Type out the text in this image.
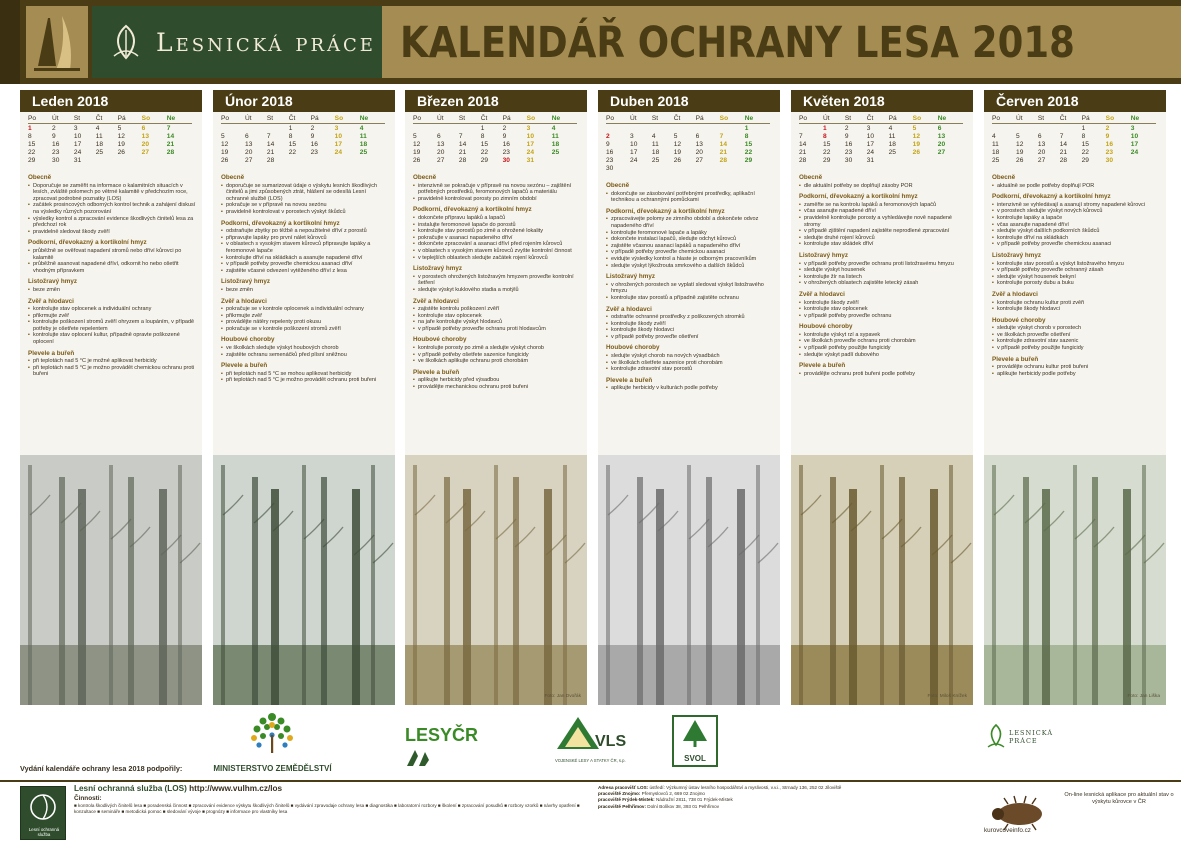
Lesnická práce KALENDÁŘ OCHRANY LESA 2018
Leden 2018
Po	Út	St	Čt	Pá	So	Ne
1	2	3	4	5	6	7
8	9	10	11	12	13	14
15	16	17	18	19	20	21
22	23	24	25	26	27	28
29	30	31				
Obecně
▪ Doporučuje se zaměřit na informace o kalamitních situacích v lesích, zvláště polomech po větrné kalamitě v předchozím roce, zpracovat podrobné poznatky (LOS)
▪ začátek prosincových odborných kontrol technik a zahájení diskusí na výsledky různých pozorování
▪ výsledky kontrol a zpracování evidence škodlivých činitelů lesa za předchozí rok
▪ pravidelně sledovat škody zvěří
Podkorní, dřevokazný a kortikolní hmyz
▪ průběžně se ověřovat napadení stromů nebo dříví kůrovci po kalamitě
▪ průběžně asanovat napadené dříví, odkornit ho nebo ošetřit vhodným přípravkem
Listožravý hmyz
▪ beze změn
Zvěř a hlodavci
▪ kontrolujte stav oplocenek a individuální ochrany
▪ přikrmujte zvěř
▪ kontrolujte poškození stromů zvěří ohryzem a loupáním, v případě potřeby je ošetřete repelentem
▪ kontrolujte stav oplocení kultur, případně opravte poškozené oplocení
Plevele a buřeň
▪ při teplotách nad 5 °C je možné aplikovat herbicidy
▪ při teplotách nad 5 °C je možno provádět chemickou ochranu proti buřeni
Únor 2018
Po	Út	St	Čt	Pá	So	Ne
			1	2	3	4
5	6	7	8	9	10	11
12	13	14	15	16	17	18
19	20	21	22	23	24	25
26	27	28				
Obecně
▪ doporučuje se sumarizovat údaje o výskytu lesních škodlivých činitelů a jimi způsobených ztrát, hlášení se odesílá Lesní ochranné službě (LOS)
▪ pokračuje se v přípravě na novou sezónu
▪ pravidelně kontrolovat v porostech výskyt škůdců
Podkorní, dřevokazný a kortikolní hmyz
▪ odstraňujte zbytky po těžbě a nepoužitelné dříví z porostů
▪ připravujte lapáky pro první nálet kůrovců
▪ v oblastech s vysokým stavem kůrovců připravujte lapáky a feromonové lapače
▪ kontrolujte dříví na skládkách a asanujte napadené dříví
▪ v případě potřeby proveďte chemickou asanaci dříví
▪ zajistěte včasné odvezení vytěženého dříví z lesa
Listožravý hmyz
▪ beze změn
Zvěř a hlodavci
▪ pokračuje se v kontrole oplocenek a individuální ochrany
▪ přikrmujte zvěř
▪ provádějte nátěry repelenty proti okusu
▪ pokračuje se v kontrole poškození stromů zvěří
Houbové choroby
▪ ve školkách sledujte výskyt houbových chorob
▪ zajistěte ochranu semenáčků před plísní sněžnou
Plevele a buřeň
▪ při teplotách nad 5 °C se mohou aplikovat herbicidy
▪ při teplotách nad 5 °C je možno provádět ochranu proti buřeni
Březen 2018
Po	Út	St	Čt	Pá	So	Ne
			1	2	3	4
5	6	7	8	9	10	11
12	13	14	15	16	17	18
19	20	21	22	23	24	25
26	27	28	29	30	31	
Obecně
▪ intenzivně se pokračuje v přípravě na novou sezónu – zajištění potřebných prostředků, feromonových lapačů a materiálu
▪ pravidelně kontrolovat porosty po zimním období
Podkorní, dřevokazný a kortikolní hmyz
▪ dokončete přípravu lapáků a lapačů
▪ instalujte feromonové lapače do porostů
▪ kontrolujte stav porostů po zimě a ohrožené lokality
▪ pokračujte v asanaci napadeného dříví
▪ dokončete zpracování a asanaci dříví před rojením kůrovců
▪ v oblastech s vysokým stavem kůrovců zvyšte kontrolní činnost
▪ v teplejších oblastech sledujte začátek rojení kůrovců
Listožravý hmyz
▪ v porostech ohrožených listožravým hmyzem proveďte kontrolní šetření
▪ sledujte výskyt kuklového stadia a motýlů
Zvěř a hlodavci
▪ zajistěte kontrolu poškození zvěří
▪ kontrolujte stav oplocenek
▪ na jaře kontrolujte výskyt hlodavců
▪ v případě potřeby proveďte ochranu proti hlodavcům
Houbové choroby
▪ kontrolujte porosty po zimě a sledujte výskyt chorob
▪ v případě potřeby ošetřete sazenice fungicidy
▪ ve školkách aplikujte ochranu proti chorobám
Plevele a buřeň
▪ aplikujte herbicidy před výsadbou
▪ provádějte mechanickou ochranu proti buřeni
Foto: Jan Dvořák
Duben 2018
Po	Út	St	Čt	Pá	So	Ne
						1
2	3	4	5	6	7	8
9	10	11	12	13	14	15
16	17	18	19	20	21	22
23	24	25	26	27	28	29
30						
Obecně
▪ dokončujte se zásobování potřebnými prostředky, aplikační technikou a ochrannými pomůckami
Podkorní, dřevokazný a kortikolní hmyz
▪ zpracovávejte polomy ze zimního období a dokončete odvoz napadeného dříví
▪ kontrolujte feromonové lapače a lapáky
▪ dokončete instalaci lapačů, sledujte odchyt kůrovců
▪ zajistěte včasnou asanaci lapáků a napadeného dříví
▪ v případě potřeby proveďte chemickou asanaci
▪ evidujte výsledky kontrol a hlaste je odborným pracovníkům
▪ sledujte výskyt lýkožrouta smrkového a dalších škůdců
Listožravý hmyz
▪ v ohrožených porostech se vyplatí sledovat výskyt listožravého hmyzu
▪ kontrolujte stav porostů a případně zajistěte ochranu
Zvěř a hlodavci
▪ odstraňte ochranné prostředky z poškozených stromků
▪ kontrolujte škody zvěří
▪ kontrolujte škody hlodavci
▪ v případě potřeby proveďte ošetření
Houbové choroby
▪ sledujte výskyt chorob na nových výsadbách
▪ ve školkách ošetřete sazenice proti chorobám
▪ kontrolujte zdravotní stav porostů
Plevele a buřeň
▪ aplikujte herbicidy v kulturách podle potřeby
Květen 2018
Po	Út	St	Čt	Pá	So	Ne
	1	2	3	4	5	6
7	8	9	10	11	12	13
14	15	16	17	18	19	20
21	22	23	24	25	26	27
28	29	30	31			
Obecně
▪ dle aktuální potřeby se doplňují zásoby POR
Podkorní, dřevokazný a kortikolní hmyz
▪ zaměřte se na kontrolu lapáků a feromonových lapačů
▪ včas asanujte napadené dříví
▪ pravidelně kontrolujte porosty a vyhledávejte nově napadené stromy
▪ v případě zjištění napadení zajistěte neprodlené zpracování
▪ sledujte druhé rojení kůrovců
▪ kontrolujte stav skládek dříví
Listožravý hmyz
▪ v případě potřeby proveďte ochranu proti listožravému hmyzu
▪ sledujte výskyt housenek
▪ kontrolujte žír na listech
▪ v ohrožených oblastech zajistěte letecký zásah
Zvěř a hlodavci
▪ kontrolujte škody zvěří
▪ kontrolujte stav oplocenek
▪ v případě potřeby proveďte ochranu
Houbové choroby
▪ kontrolujte výskyt rzí a sypavek
▪ ve školkách proveďte ochranu proti chorobám
▪ v případě potřeby použijte fungicidy
▪ sledujte výskyt padlí dubového
Plevele a buřeň
▪ provádějte ochranu proti buřeni podle potřeby
Foto: Miloš Knížek
Červen 2018
Po	Út	St	Čt	Pá	So	Ne
				1	2	3
4	5	6	7	8	9	10
11	12	13	14	15	16	17
18	19	20	21	22	23	24
25	26	27	28	29	30	
Obecně
▪ aktuálně se podle potřeby doplňují POR
Podkorní, dřevokazný a kortikolní hmyz
▪ intenzivně se vyhledávají a asanují stromy napadené kůrovci
▪ v porostech sledujte výskyt nových kůrovců
▪ kontrolujte lapáky a lapače
▪ včas asanujte napadené dříví
▪ sledujte výskyt dalších podkorních škůdců
▪ kontrolujte dříví na skládkách
▪ v případě potřeby proveďte chemickou asanaci
Listožravý hmyz
▪ kontrolujte stav porostů a výskyt listožravého hmyzu
▪ v případě potřeby proveďte ochranný zásah
▪ sledujte výskyt housenek bekyní
▪ kontrolujte porosty dubu a buku
Zvěř a hlodavci
▪ kontrolujte ochranu kultur proti zvěři
▪ kontrolujte škody hlodavci
Houbové choroby
▪ sledujte výskyt chorob v porostech
▪ ve školkách proveďte ošetření
▪ kontrolujte zdravotní stav sazenic
▪ v případě potřeby použijte fungicidy
Plevele a buřeň
▪ provádějte ochranu kultur proti buřeni
▪ aplikujte herbicidy podle potřeby
Foto: Jan Liška
Vydání kalendáře ochrany lesa 2018 podpořily:	MINISTERSTVO ZEMĚDĚLSTVÍ
LESYČR	VLS
VOJENSKÉ LESY A STATKY ČR, s.p.	SVOL
LESNICKÁ PRÁCE
Lesní ochranná služba
Lesní ochranná služba (LOS) http://www.vulhm.cz/los
Činnosti:
■ kontrola škodlivých činitelů lesa ■ poradenská činnost ■ zpracování evidence výskytu škodlivých činitelů ■ vydávání zpravodaje ochrany lesa ■ diagnostika ■ laboratorní rozbory ■ školení ■ zpracování posudků ■ rozbory vzorků ■ návrhy opatření ■ konzultace ■ semináře ■ metodická pomoc ■ sledování vývoje ■ prognózy ■ informace pro vlastníky lesa
Adresa pracovišť LOS: ústředí: Výzkumný ústav lesního hospodářství a myslivosti, v.v.i., Strnady 136, 252 02 Jíloviště
pracoviště Znojmo: Přemyslovců 2, 669 02 Znojmo
pracoviště Frýdek-Místek: Nádražní 2811, 738 01 Frýdek-Místek
pracoviště Pelhřimov: Dolní Bolíkov 38, 393 01 Pelhřimov
kurovcoveinfo.cz
On-line lesnická aplikace pro aktuální stav o výskytu kůrovce v ČR
